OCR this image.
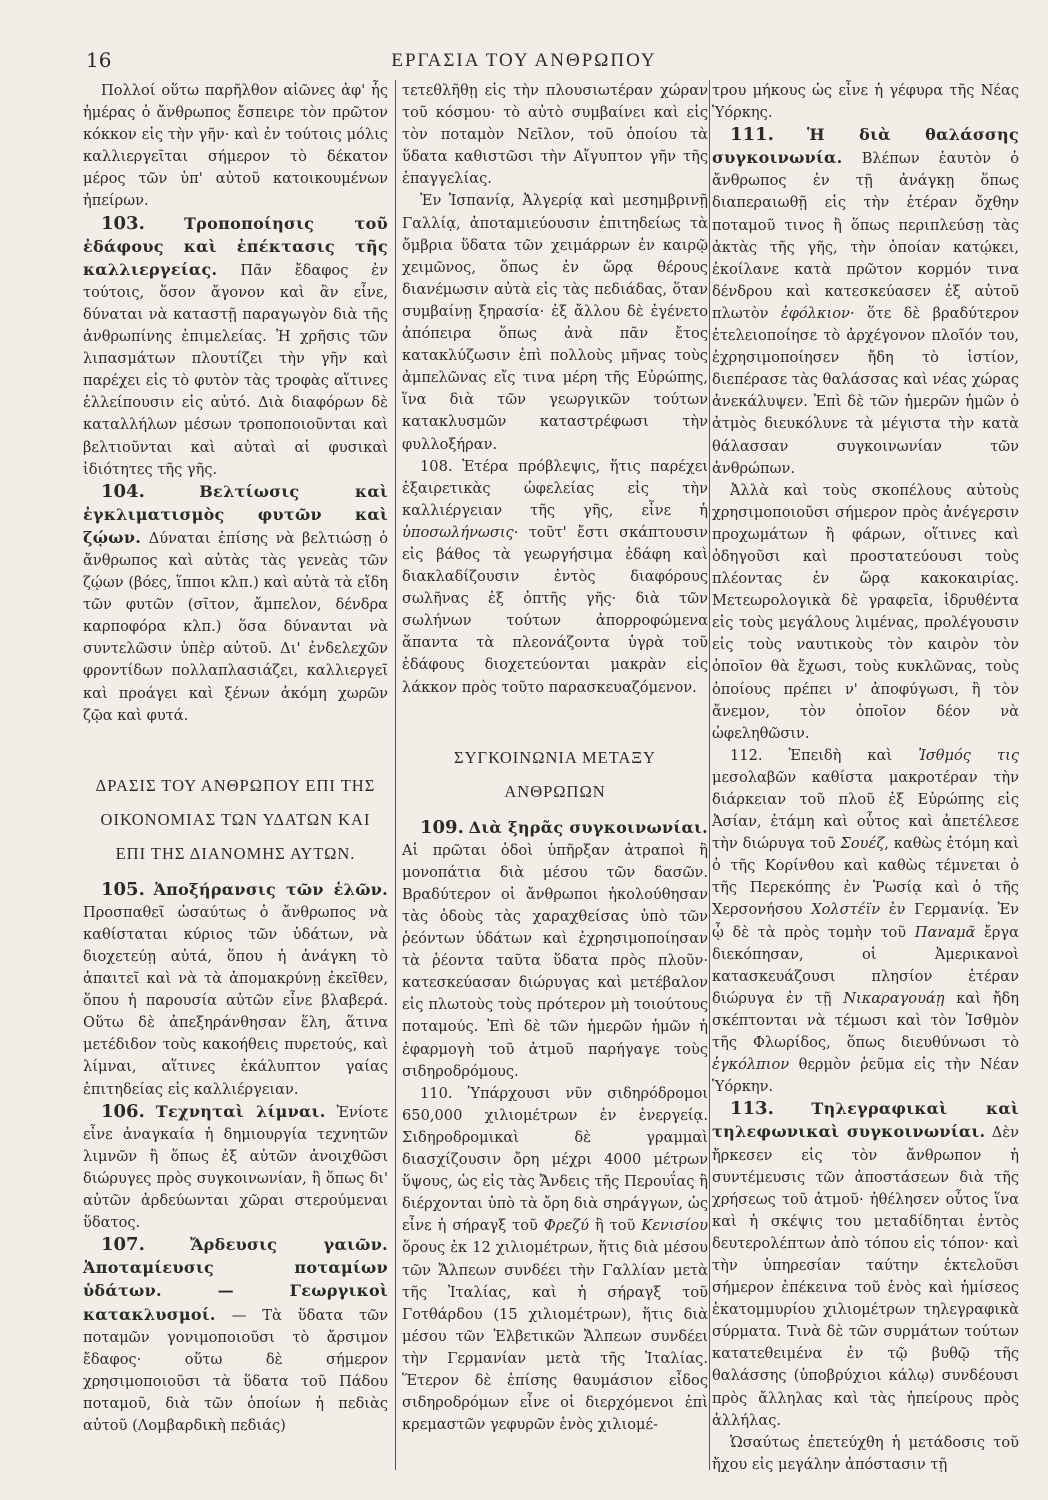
16	ΕΡΓΑΣΙΑ ΤΟΥ ΑΝΘΡΩΠΟΥ

Πολλοί οὕτω παρῆλθον αἰῶνες ἀφ' ἧς ἡμέρας ὁ ἄνθρωπος ἔσπειρε τὸν πρῶτον κόκκον εἰς τὴν γῆν· καὶ ἐν τούτοις μόλις καλλιεργεῖται σήμερον τὸ δέκατον μέρος τῶν ὑπ' αὐτοῦ κατοικουμένων ἠπείρων.

103. Τροποποίησις τοῦ ἐδάφους καὶ ἐπέκτασις τῆς καλλιεργείας. Πᾶν ἔδαφος ἐν τούτοις, ὅσον ἄγονον καὶ ἂν εἶνε, δύναται νὰ καταστῇ παραγωγὸν διὰ τῆς ἀνθρωπίνης ἐπιμελείας. Ἡ χρῆσις τῶν λιπασμάτων πλουτίζει τὴν γῆν καὶ παρέχει εἰς τὸ φυτὸν τὰς τροφὰς αἵτινες ἐλλείπουσιν εἰς αὐτό. Διὰ διαφόρων δὲ καταλλήλων μέσων τροποποιοῦνται καὶ βελτιοῦνται καὶ αὐταὶ αἱ φυσικαὶ ἰδιότητες τῆς γῆς.

104.	Βελτίωσις καὶ ἐγκλιματισμὸς φυτῶν καὶ ζῴων. Δύναται ἐπίσης νὰ βελτιώσῃ ὁ ἄνθρωπος καὶ αὐτὰς τὰς γενεὰς τῶν ζῴων (βόες, ἵπποι κλπ.) καὶ αὐτὰ τὰ εἴδη τῶν φυτῶν (σῖτον, ἄμπελον, δένδρα καρποφόρα κλπ.) ὅσα δύνανται νὰ συντελῶσιν ὑπὲρ αὐτοῦ. Δι' ἐνδελεχῶν φροντίδων πολλαπλασιάζει, καλλιεργεῖ καὶ προάγει καὶ ξένων ἀκόμη χωρῶν ζῷα καὶ φυτά.

ΔΡΑΣΙΣ ΤΟΥ ΑΝΘΡΩΠΟΥ ΕΠΙ ΤΗΣ ΟΙΚΟΝΟΜΙΑΣ ΤΩΝ ΥΔΑΤΩΝ ΚΑΙ ΕΠΙ ΤΗΣ ΔΙΑΝΟΜΗΣ ΑΥΤΩΝ.

105. Ἀποξήρανσις τῶν ἑλῶν. Προσπαθεῖ ὡσαύτως ὁ ἄνθρωπος νὰ καθίσταται κύριος τῶν ὑδάτων, νὰ διοχετεύῃ αὐτά, ὅπου ἡ ἀνάγκη τὸ ἀπαιτεῖ καὶ νὰ τὰ ἀπομακρύνῃ ἐκεῖθεν, ὅπου ἡ παρουσία αὐτῶν εἶνε βλαβερά. Οὕτω δὲ ἀπεξηράνθησαν ἕλη, ἅτινα μετέδιδον τοὺς κακοήθεις πυρετούς, καὶ λίμναι, αἵτινες ἐκάλυπτον γαίας ἐπιτηδείας εἰς καλλιέργειαν.

106. Τεχνηταὶ λίμναι. Ἐνίοτε εἶνε ἀναγκαία ἡ δημιουργία τεχνητῶν λιμνῶν ἢ ὅπως ἐξ αὐτῶν ἀνοιχθῶσι διώρυγες πρὸς συγκοινωνίαν, ἢ ὅπως δι' αὐτῶν ἀρδεύωνται χῶραι στερούμεναι ὕδατος.

107.	Ἄρδευσις γαιῶν. Ἀποταμίευσις ποταμίων ὑδάτων. — Γεωργικοὶ κατακλυσμοί. — Τὰ ὕδατα τῶν ποταμῶν γονιμοποιοῦσι τὸ ἄρσιμον ἔδαφος· οὕτω δὲ σήμερον χρησιμοποιοῦσι τὰ ὕδατα τοῦ Πάδου ποταμοῦ, διὰ τῶν ὁποίων ἡ πεδιὰς αὐτοῦ (Λομβαρδικὴ πεδιάς)

τετεθλῆθῃ εἰς τὴν πλουσιωτέραν χώραν τοῦ κόσμου· τὸ αὐτὸ συμβαίνει καὶ εἰς τὸν ποταμὸν Νεῖλον, τοῦ ὁποίου τὰ ὕδατα καθιστῶσι τὴν Αἴγυπτον γῆν τῆς ἐπαγγελίας.

Ἐν Ἱσπανίᾳ, Ἀλγερίᾳ καὶ μεσημβρινῇ Γαλλίᾳ, ἀποταμιεύουσιν ἐπιτηδείως τὰ ὄμβρια ὕδατα τῶν χειμάρρων ἐν καιρῷ χειμῶνος, ὅπως ἐν ὥρᾳ θέρους διανέμωσιν αὐτὰ εἰς τὰς πεδιάδας, ὅταν συμβαίνῃ ξηρασία· ἐξ ἄλλου δὲ ἐγένετο ἀπόπειρα ὅπως ἀνὰ πᾶν ἔτος κατακλύζωσιν ἐπὶ πολλοὺς μῆνας τοὺς ἀμπελῶνας εἴς τινα μέρη τῆς Εὐρώπης, ἵνα διὰ τῶν γεωργικῶν τούτων κατακλυσμῶν καταστρέφωσι τὴν φυλλοξήραν.

108. Ἑτέρα πρόβλεψις, ἥτις παρέχει ἐξαιρετικὰς ὠφελείας εἰς τὴν καλλιέργειαν τῆς γῆς, εἶνε ἡ ὑποσωλήνωσις· τοῦτ' ἔστι σκάπτουσιν εἰς βάθος τὰ γεωργήσιμα ἐδάφη καὶ διακλαδίζουσιν ἐντὸς διαφόρους σωλῆνας ἐξ ὀπτῆς γῆς· διὰ τῶν σωλήνων τούτων ἀπορροφώμενα ἅπαντα τὰ πλεονάζοντα ὑγρὰ τοῦ ἐδάφους διοχετεύονται μακρὰν εἰς λάκκον πρὸς τοῦτο παρασκευαζόμενον.

ΣΥΓΚΟΙΝΩΝΙΑ ΜΕΤΑΞΥ ΑΝΘΡΩΠΩΝ

109. Διὰ ξηρᾶς συγκοινωνίαι. Αἱ πρῶται ὁδοὶ ὑπῆρξαν ἀτραποὶ ἢ μονοπάτια διὰ μέσου τῶν δασῶν. Βραδύτερον οἱ ἄνθρωποι ἠκολούθησαν τὰς ὁδοὺς τὰς χαραχθείσας ὑπὸ τῶν ῥεόντων ὑδάτων καὶ ἐχρησιμοποίησαν τὰ ῥέοντα ταῦτα ὕδατα πρὸς πλοῦν· κατεσκεύασαν διώρυγας καὶ μετέβαλον εἰς πλωτοὺς τοὺς πρότερον μὴ τοιούτους ποταμούς. Ἐπὶ δὲ τῶν ἡμερῶν ἡμῶν ἡ ἐφαρμογὴ τοῦ ἀτμοῦ παρήγαγε τοὺς σιδηροδρόμους.

110. Ὑπάρχουσι νῦν σιδηρόδρομοι 650,000 χιλιομέτρων ἐν ἐνεργείᾳ. Σιδηροδρομικαὶ δὲ γραμμαὶ διασχίζουσιν ὄρη μέχρι 4000 μέτρων ὕψους, ὡς εἰς τὰς Ἄνδεις τῆς Περουΐας ἢ διέρχονται ὑπὸ τὰ ὄρη διὰ σηράγγων, ὡς εἶνε ἡ σήραγξ τοῦ Φρεζύ ἢ τοῦ Κενισίου ὅρους ἐκ 12 χιλιομέτρων, ἥτις διὰ μέσου τῶν Ἄλπεων συνδέει τὴν Γαλλίαν μετὰ τῆς Ἰταλίας, καὶ ἡ σήραγξ τοῦ Γοτθάρδου (15 χιλιομέτρων), ἥτις διὰ μέσου τῶν Ἑλβετικῶν Ἄλπεων συνδέει τὴν Γερμανίαν μετὰ τῆς Ἰταλίας. Ἕτερον δὲ ἐπίσης θαυμάσιον εἶδος σιδηροδρόμων εἶνε οἱ διερχόμενοι ἐπὶ κρεμαστῶν γεφυρῶν ἑνὸς χιλιομέ-

τρου μήκους ὡς εἶνε ἡ γέφυρα τῆς Νέας Ὑόρκης.

111. Ἡ διὰ θαλάσσης συγκοινωνία. Βλέπων ἑαυτὸν ὁ ἄνθρωπος ἐν τῇ ἀνάγκῃ ὅπως διαπεραιωθῇ εἰς τὴν ἑτέραν ὄχθην ποταμοῦ τινος ἢ ὅπως περιπλεύσῃ τὰς ἀκτὰς τῆς γῆς, τὴν ὁποίαν κατῴκει, ἐκοίλανε κατὰ πρῶτον κορμόν τινα δένδρου καὶ κατεσκεύασεν ἐξ αὐτοῦ πλωτὸν ἐφόλκιον· ὅτε δὲ βραδύτερον ἐτελειοποίησε τὸ ἀρχέγονον πλοῖόν του, ἐχρησιμοποίησεν ἤδη τὸ ἱστίον, διεπέρασε τὰς θαλάσσας καὶ νέας χώρας ἀνεκάλυψεν. Ἐπὶ δὲ τῶν ἡμερῶν ἡμῶν ὁ ἀτμὸς διευκόλυνε τὰ μέγιστα τὴν κατὰ θάλασσαν συγκοινωνίαν τῶν ἀνθρώπων.

Ἀλλὰ καὶ τοὺς σκοπέλους αὐτοὺς χρησιμοποιοῦσι σήμερον πρὸς ἀνέγερσιν προχωμάτων ἢ φάρων, οἵτινες καὶ ὁδηγοῦσι καὶ προστατεύουσι τοὺς πλέοντας ἐν ὥρᾳ κακοκαιρίας. Μετεωρολογικὰ δὲ γραφεῖα, ἱδρυθέντα εἰς τοὺς μεγάλους λιμένας, προλέγουσιν εἰς τοὺς ναυτικοὺς τὸν καιρὸν τὸν ὁποῖον θὰ ἔχωσι, τοὺς κυκλῶνας, τοὺς ὁποίους πρέπει ν' ἀποφύγωσι, ἢ τὸν ἄνεμον, τὸν ὁποῖον δέον νὰ ὠφεληθῶσιν.

112. Ἐπειδὴ καὶ Ἰσθμός τις μεσολαβῶν καθίστα μακροτέραν τὴν διάρκειαν τοῦ πλοῦ ἐξ Εὐρώπης εἰς Ἀσίαν, ἐτάμη καὶ οὗτος καὶ ἀπετέλεσε τὴν διώρυγα τοῦ Σουέζ, καθὼς ἐτόμη καὶ ὁ τῆς Κορίνθου καὶ καθὼς τέμνεται ὁ τῆς Περεκόπης ἐν Ῥωσίᾳ καὶ ὁ τῆς Χερσονήσου Χολστέϊν ἐν Γερμανίᾳ. Ἐν ᾧ δὲ τὰ πρὸς τομὴν τοῦ Παναμᾶ ἔργα διεκόπησαν, οἱ Ἀμερικανοὶ κατασκευάζουσι πλησίον ἑτέραν διώρυγα ἐν τῇ Νικαραγουάῃ καὶ ἤδη σκέπτονται νὰ τέμωσι καὶ τὸν Ἰσθμὸν τῆς Φλωρίδος, ὅπως διευθύνωσι τὸ ἐγκόλπιον θερμὸν ῥεῦμα εἰς τὴν Νέαν Ὑόρκην.

113. Τηλεγραφικαὶ καὶ τηλεφωνικαὶ συγκοινωνίαι. Δὲν ἤρκεσεν εἰς τὸν ἄνθρωπον ἡ συντέμευσις τῶν ἀποστάσεων διὰ τῆς χρήσεως τοῦ ἀτμοῦ· ἠθέλησεν οὗτος ἵνα καὶ ἡ σκέψις του μεταδίδηται ἐντὸς δευτερολέπτων ἀπὸ τόπου εἰς τόπον· καὶ τὴν ὑπηρεσίαν ταύτην ἐκτελοῦσι σήμερον ἐπέκεινα τοῦ ἑνὸς καὶ ἡμίσεος ἑκατομμυρίου χιλιομέτρων τηλεγραφικὰ σύρματα. Τινὰ δὲ τῶν συρμάτων τούτων κατατεθειμένα ἐν τῷ βυθῷ τῆς θαλάσσης (ὑποβρύχιοι κάλῳ) συνδέουσι πρὸς ἄλληλας καὶ τὰς ἠπείρους πρὸς ἀλλήλας.

Ὡσαύτως ἐπετεύχθη ἡ μετάδοσις τοῦ ἤχου εἰς μεγάλην ἀπόστασιν τῇ
